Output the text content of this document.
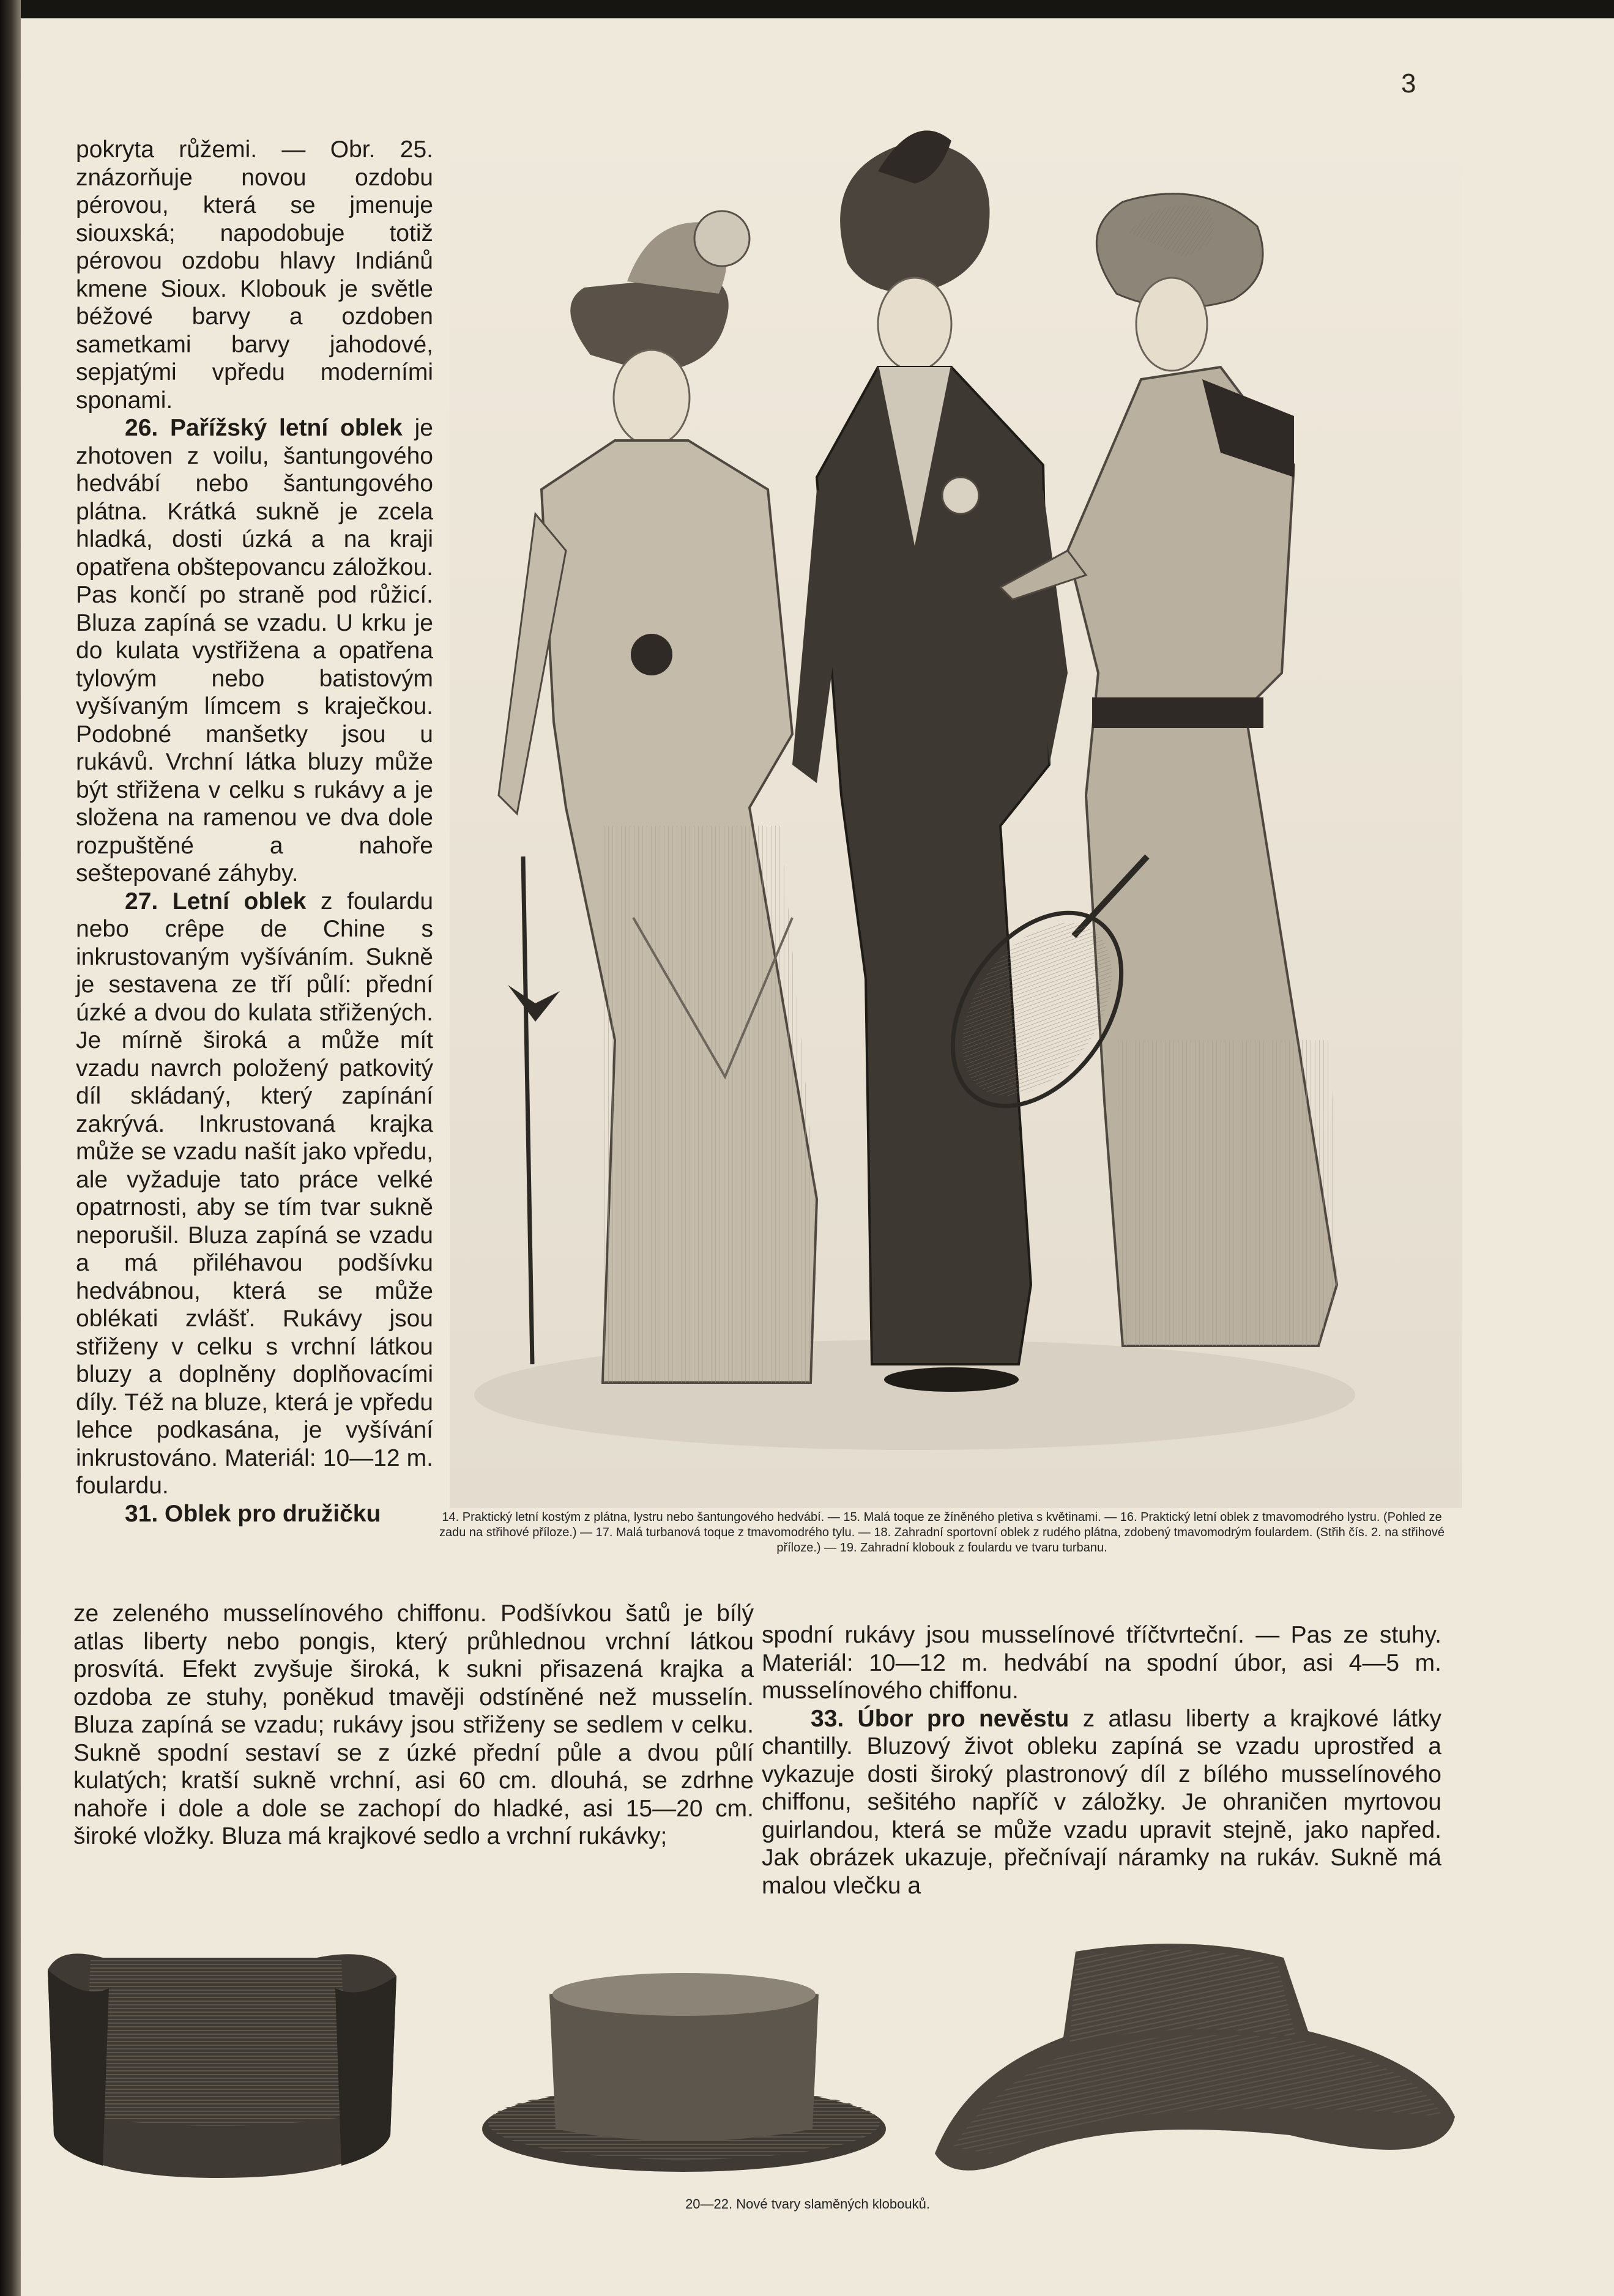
3

pokryta růžemi. — Obr. 25. znázorňuje novou ozdobu pérovou, která se jmenuje siouxská; napodobuje totiž pérovou ozdobu hlavy Indiánů kmene Sioux. Klobouk je světle béžové barvy a ozdoben sametkami barvy jahodové, sepjatými vpředu moderními sponami.

26. Pařížský letní oblek je zhotoven z voilu, šantungového hedvábí nebo šantungového plátna. Krátká sukně je zcela hladká, dosti úzká a na kraji opatřena obštepovancu záložkou. Pas končí po straně pod růžicí. Bluza zapíná se vzadu. U krku je do kulata vystřižena a opatřena tylovým nebo batistovým vyšívaným límcem s kraječkou. Podobné manšetky jsou u rukávů. Vrchní látka bluzy může být střižena v celku s rukávy a je složena na ramenou ve dva dole rozpuštěné a nahoře seštepované záhyby.

27. Letní oblek z foulardu nebo crêpe de Chine s inkrustovaným vyšíváním. Sukně je sestavena ze tří půlí: přední úzké a dvou do kulata střižených. Je mírně široká a může mít vzadu navrch položený patkovitý díl skládaný, který zapínání zakrývá. Inkrustovaná krajka může se vzadu našít jako vpředu, ale vyžaduje tato práce velké opatrnosti, aby se tím tvar sukně neporušil. Bluza zapíná se vzadu a má přiléhavou podšívku hedvábnou, která se může oblékati zvlášť. Rukávy jsou střiženy v celku s vrchní látkou bluzy a doplněny doplňovacími díly. Též na bluze, která je vpředu lehce podkasána, je vyšívání inkrustováno. Materiál: 10—12 m. foulardu.

31. Oblek pro družičku	14. Praktický letní kostým z plátna, lystru nebo šantungového hedvábí. — 15. Malá toque ze žíněného pletiva s květinami. — 16. Praktický letní oblek z tmavomodrého lystru. (Pohled ze zadu na střihové příloze.) — 17. Malá turbanová toque z tmavomodrého tylu. — 18. Zahradní sportovní oblek z rudého plátna, zdobený tmavomodrým foulardem. (Střih čís. 2. na střihové příloze.) — 19. Zahradní klobouk z foulardu ve tvaru turbanu.
ze zeleného musselínového chiffonu. Podšívkou šatů je bílý atlas liberty nebo pongis, který průhlednou vrchní látkou prosvítá. Efekt zvyšuje široká, k sukni přisazená krajka a ozdoba ze stuhy, poněkud tmavěji odstíněné než musselín. Bluza zapíná se vzadu; rukávy jsou střiženy se sedlem v celku. Sukně spodní sestaví se z úzké přední půle a dvou půlí kulatých; kratší sukně vrchní, asi 60 cm. dlouhá, se zdrhne nahoře i dole a dole se zachopí do hladké, asi 15—20 cm. široké vložky. Bluza má krajkové sedlo a vrchní rukávky;

spodní rukávy jsou musselínové tříčtvrteční. — Pas ze stuhy. Materiál: 10—12 m. hedvábí na spodní úbor, asi 4—5 m. musselínového chiffonu.

33. Úbor pro nevěstu z atlasu liberty a krajkové látky chantilly. Bluzový život obleku zapíná se vzadu uprostřed a vykazuje dosti široký plastronový díl z bílého musselínového chiffonu, sešitého napříč v záložky. Je ohraničen myrtovou guirlandou, která se může vzadu upravit stejně, jako napřed. Jak obrázek ukazuje, přečnívají náramky na rukáv. Sukně má malou vlečku a

20—22. Nové tvary slaměných klobouků.
